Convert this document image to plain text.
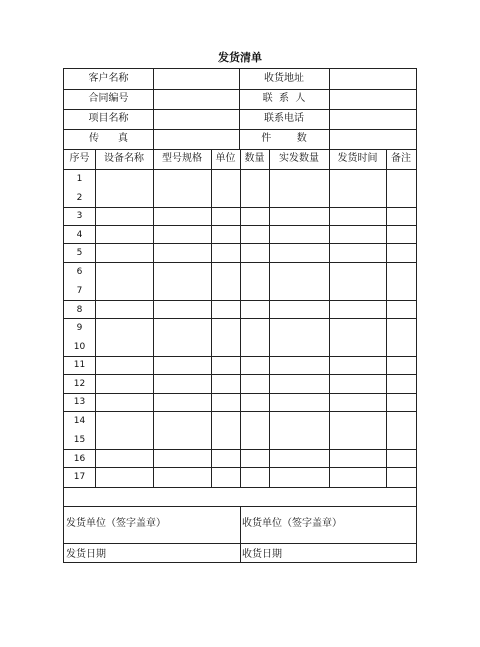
发货清单
客户名称	收货地址
合同编号	联  系  人
项目名称	联系电话
传      真	件        数
序号	设备名称	型号规格	单位 数量	实发数量	发货时间	备注
1
2
3
4
5
6
7
8
9
10
11
12
13
14
15
16
17
发货单位（签字盖章）	收货单位（签字盖章）
发货日期	收货日期
